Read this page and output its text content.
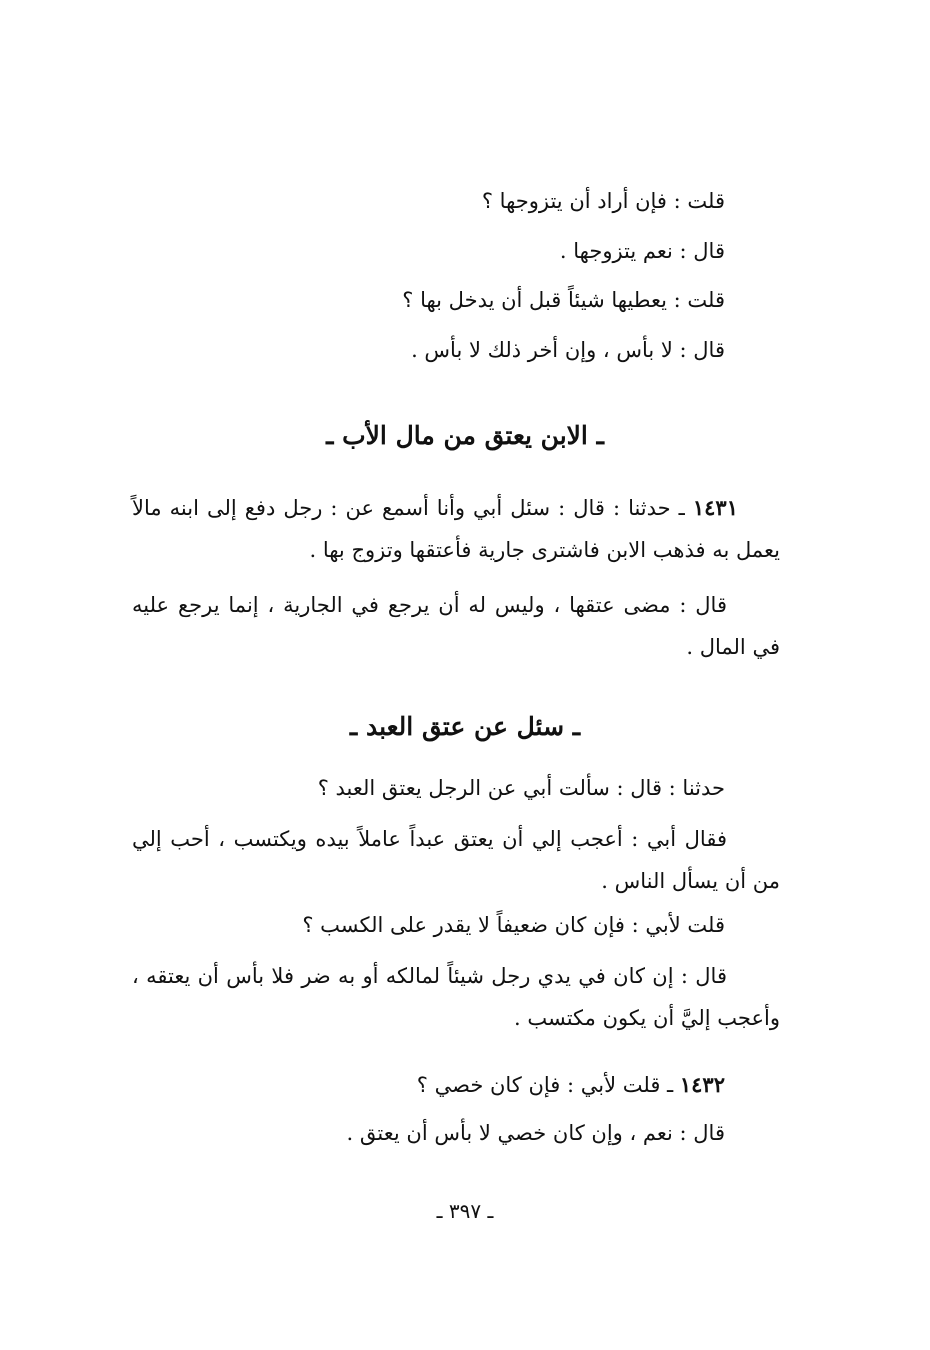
قلت : فإن أراد أن يتزوجها ؟
قال : نعم يتزوجها .
قلت : يعطيها شيئاً قبل أن يدخل بها ؟
قال : لا بأس ، وإن أخر ذلك لا بأس .
ـ الابن يعتق من مال الأب ـ
١٤٣١ ـ حدثنا : قال : سئل أبي وأنا أسمع عن : رجل دفع إلى ابنه مالاً يعمل به فذهب الابن فاشترى جارية فأعتقها وتزوج بها .
قال : مضى عتقها ، وليس له أن يرجع في الجارية ، إنما يرجع عليه في المال .
ـ سئل عن عتق العبد ـ
حدثنا : قال : سألت أبي عن الرجل يعتق العبد ؟
فقال أبي : أعجب إلي أن يعتق عبداً عاملاً بيده ويكتسب ، أحب إلي من أن يسأل الناس .
قلت لأبي : فإن كان ضعيفاً لا يقدر على الكسب ؟
قال : إن كان في يدي رجل شيئاً لمالكه أو به ضر فلا بأس أن يعتقه ، وأعجب إليَّ أن يكون مكتسب .
١٤٣٢ ـ قلت لأبي : فإن كان خصي ؟
قال : نعم ، وإن كان خصي لا بأس أن يعتق .
ـ ٣٩٧ ـ
